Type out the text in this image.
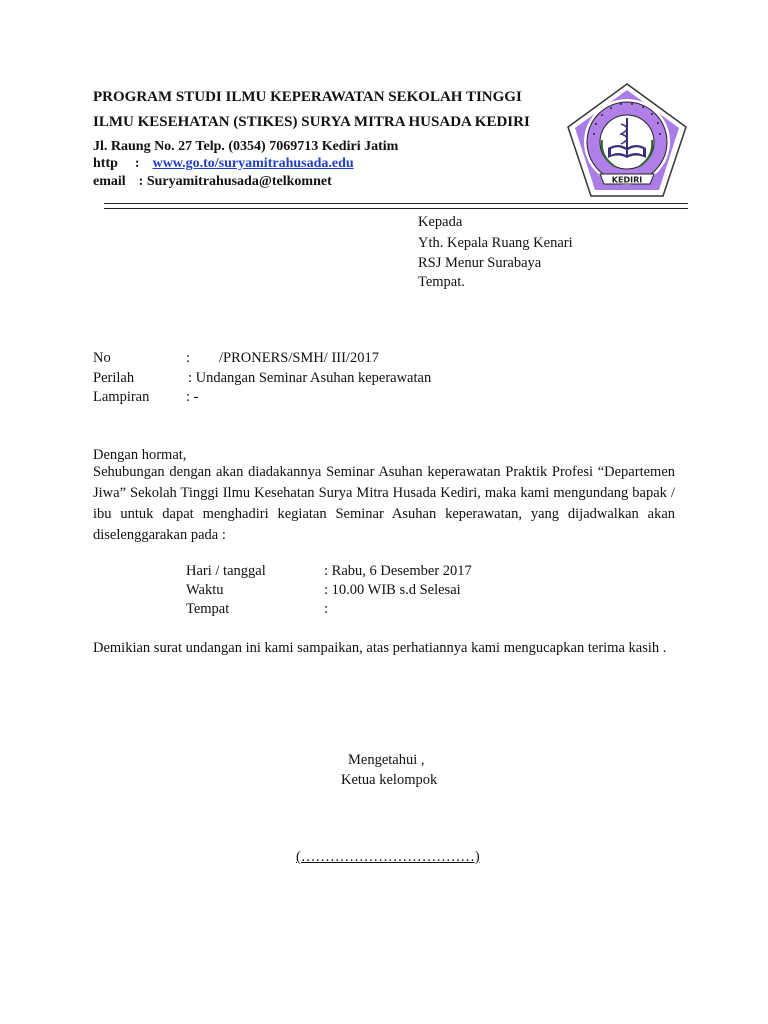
PROGRAM STUDI ILMU KEPERAWATAN SEKOLAH TINGGI
ILMU KESEHATAN (STIKES) SURYA MITRA HUSADA KEDIRI
Jl. Raung No. 27 Telp. (0354) 7069713 Kediri Jatim
http : www.go.to/suryamitrahusada.edu
email : Suryamitrahusada@telkomnet	KEDIRI
Kepada
Yth. Kepala Ruang Kenari
RSJ Menur Surabaya
Tempat.
No	:        /PRONERS/SMH/ III/2017
Perilah	: Undangan Seminar Asuhan keperawatan
Lampiran	: -
Dengan hormat,
Sehubungan dengan akan diadakannya Seminar Asuhan keperawatan Praktik Profesi “Departemen Jiwa” Sekolah Tinggi Ilmu Kesehatan Surya Mitra Husada Kediri, maka kami mengundang bapak / ibu untuk dapat menghadiri kegiatan Seminar Asuhan keperawatan, yang dijadwalkan akan diselenggarakan pada :
Hari / tanggal	: Rabu, 6 Desember 2017
Waktu	: 10.00 WIB s.d Selesai
Tempat	:
Demikian surat undangan ini kami sampaikan, atas perhatiannya kami mengucapkan terima kasih .
Mengetahui ,
Ketua kelompok
(………………………………)
